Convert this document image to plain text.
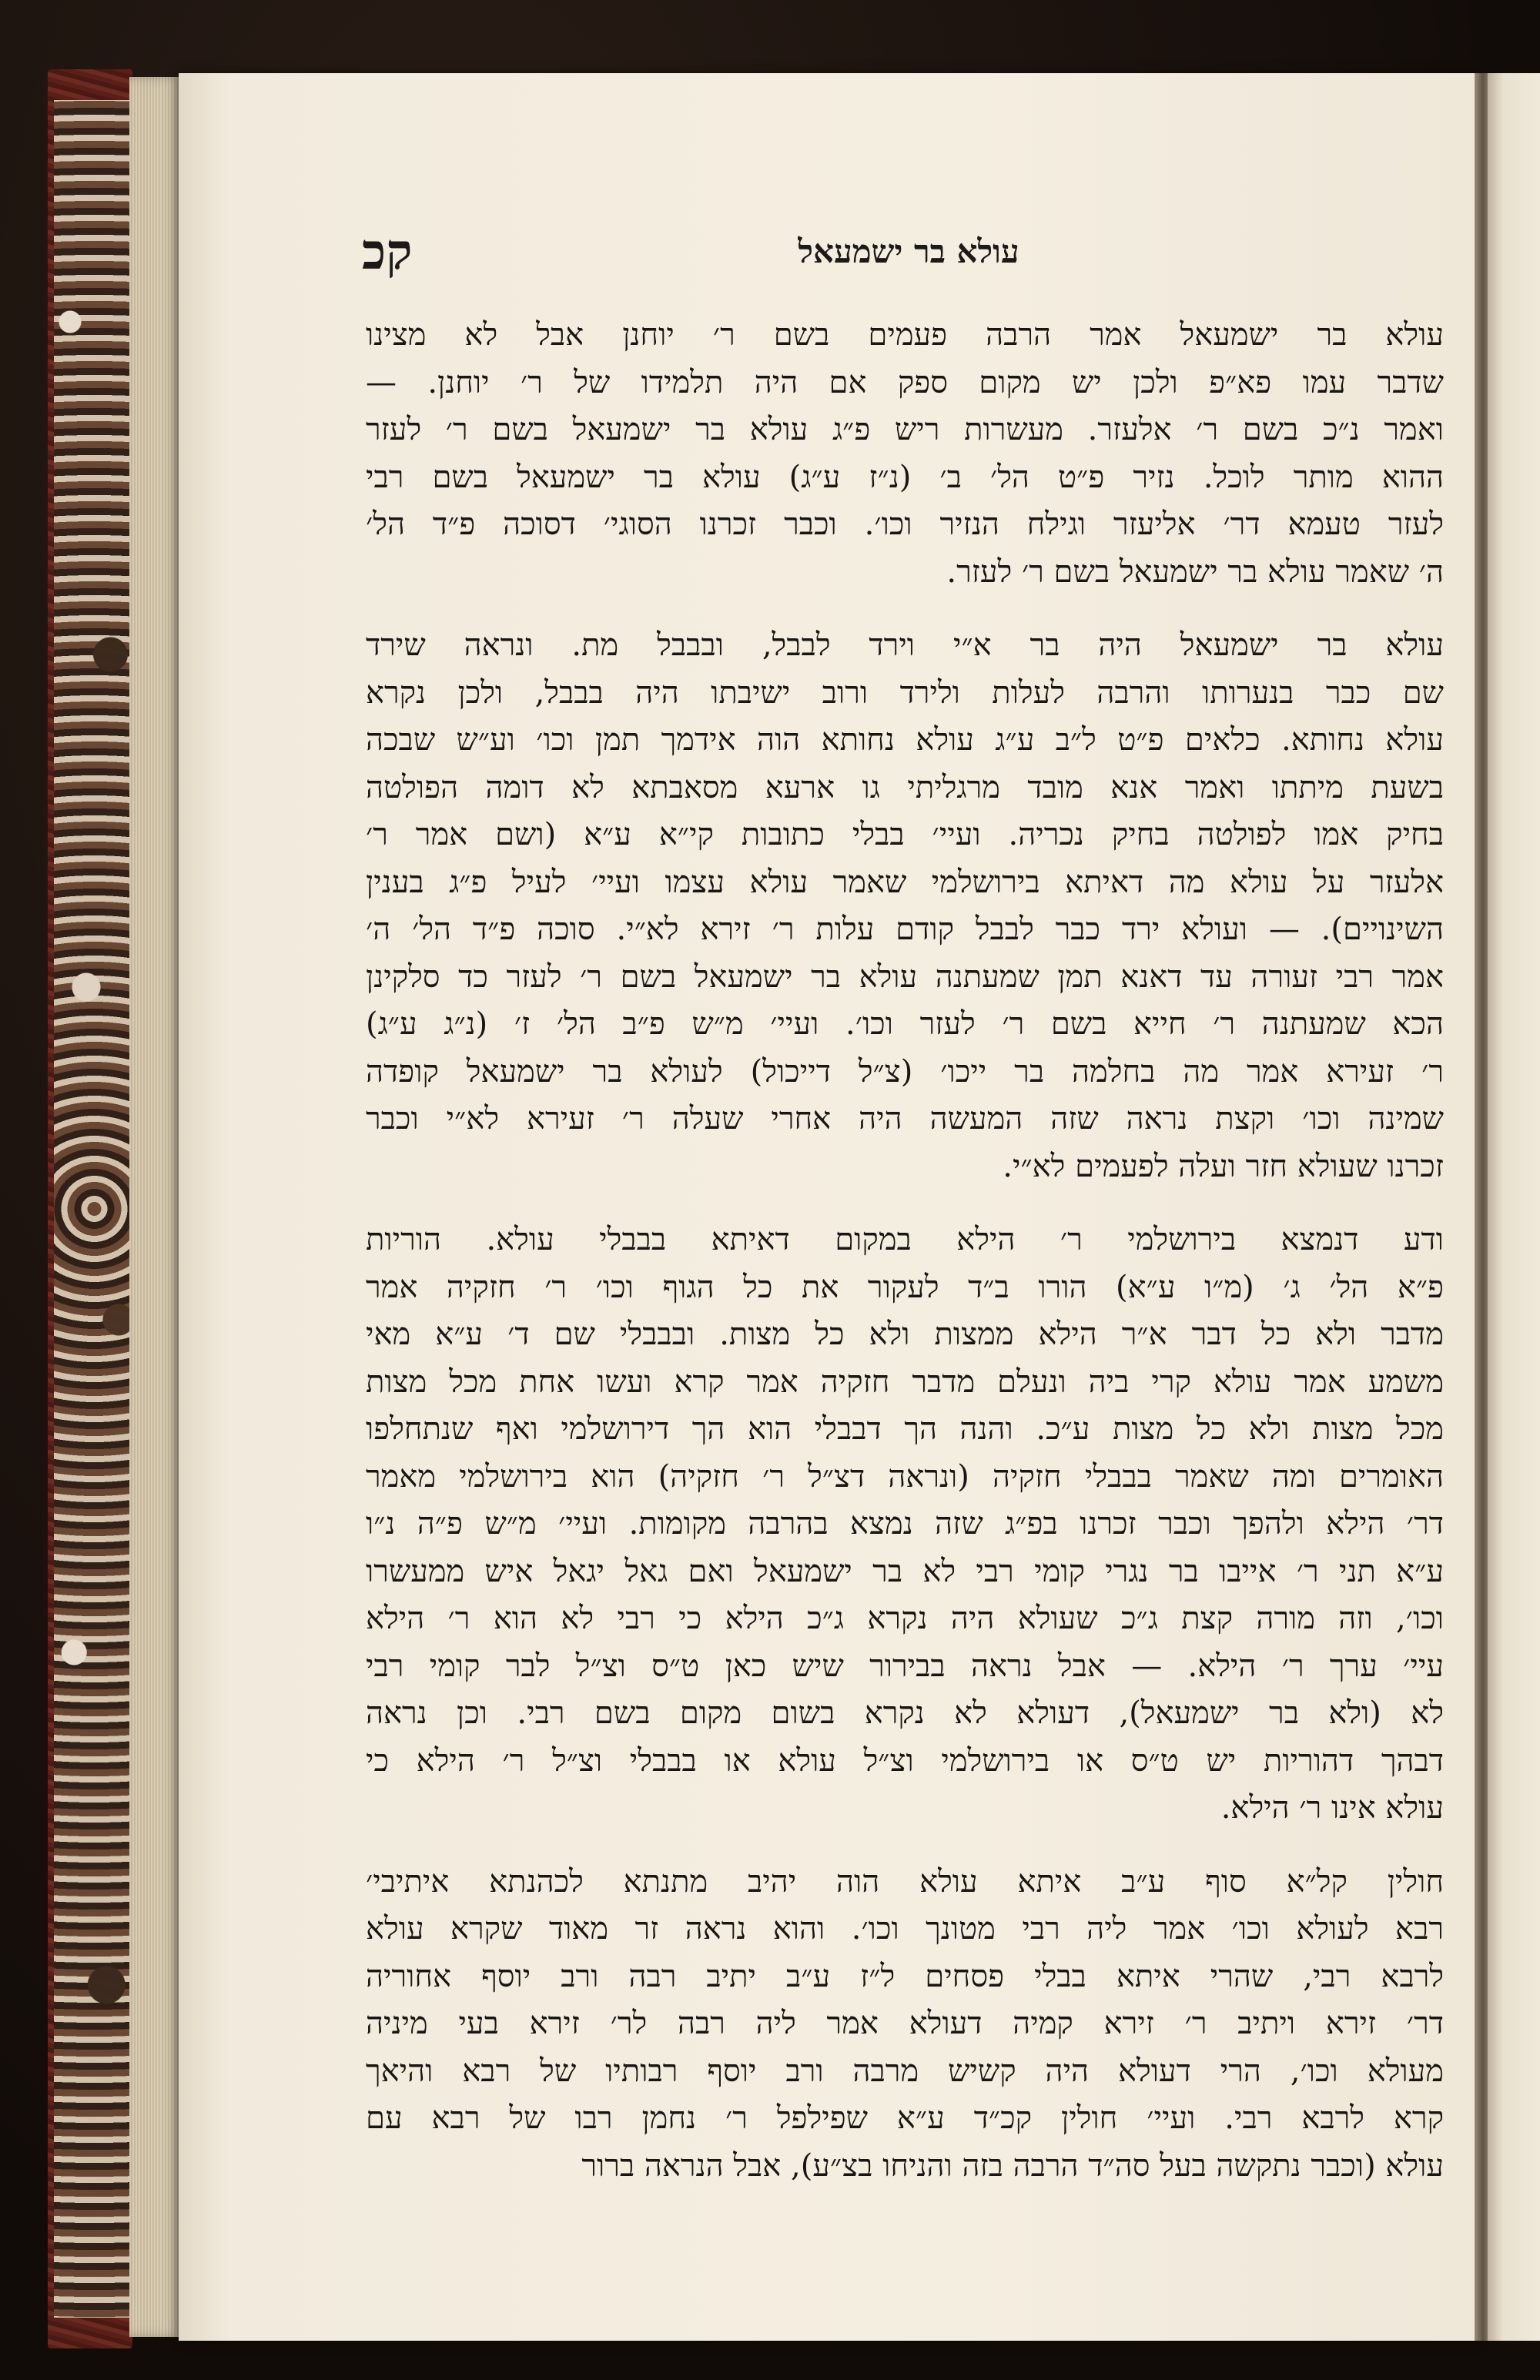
קכ	עולא בר ישמעאל

עולא בר ישמעאל אמר הרבה פעמים בשם ר׳ יוחנן אבל לא מצינו
שדבר עמו פא״פ ולכן יש מקום ספק אם היה תלמידו של ר׳ יוחנן. —
ואמר נ״כ בשם ר׳ אלעזר. מעשרות ריש פ״ג עולא בר ישמעאל בשם ר׳ לעזר
ההוא מותר לוכל. נזיר פ״ט הל׳ ב׳ (נ״ז ע״ג) עולא בר ישמעאל בשם רבי
לעזר טעמא דר׳ אליעזר וגילח הנזיר וכו׳. וכבר זכרנו הסוגי׳ דסוכה פ״ד הל׳
ה׳ שאמר עולא בר ישמעאל בשם ר׳ לעזר.

עולא בר ישמעאל היה בר א״י וירד לבבל, ובבבל מת. ונראה שירד
שם כבר בנערותו והרבה לעלות ולירד ורוב ישיבתו היה בבבל, ולכן נקרא
עולא נחותא. כלאים פ״ט ל״ב ע״ג עולא נחותא הוה אידמך תמן וכו׳ וע״ש שבכה
בשעת מיתתו ואמר אנא מובד מרגליתי גו ארעא מסאבתא לא דומה הפולטה
בחיק אמו לפולטה בחיק נכריה. ועיי׳ בבלי כתובות קי״א ע״א (ושם אמר ר׳
אלעזר על עולא מה דאיתא בירושלמי שאמר עולא עצמו ועיי׳ לעיל פ״ג בענין
השינויים). — ועולא ירד כבר לבבל קודם עלות ר׳ זירא לא״י. סוכה פ״ד הל׳ ה׳
אמר רבי זעורה עד דאנא תמן שמעתנה עולא בר ישמעאל בשם ר׳ לעזר כד סלקינן
הכא שמעתנה ר׳ חייא בשם ר׳ לעזר וכו׳. ועיי׳ מ״ש פ״ב הל׳ ז׳ (נ״ג ע״ג)
ר׳ זעירא אמר מה בחלמה בר ייכו׳ (צ״ל דייכול) לעולא בר ישמעאל קופדה
שמינה וכו׳ וקצת נראה שזה המעשה היה אחרי שעלה ר׳ זעירא לא״י וכבר
זכרנו שעולא חזר ועלה לפעמים לא״י.

ודע דנמצא בירושלמי ר׳ הילא במקום דאיתא בבבלי עולא. הוריות
פ״א הל׳ ג׳ (מ״ו ע״א) הורו ב״ד לעקור את כל הגוף וכו׳ ר׳ חזקיה אמר
מדבר ולא כל דבר א״ר הילא ממצות ולא כל מצות. ובבבלי שם ד׳ ע״א מאי
משמע אמר עולא קרי ביה ונעלם מדבר חזקיה אמר קרא ועשו אחת מכל מצות
מכל מצות ולא כל מצות ע״כ. והנה הך דבבלי הוא הך דירושלמי ואף שנתחלפו
האומרים ומה שאמר בבבלי חזקיה (ונראה דצ״ל ר׳ חזקיה) הוא בירושלמי מאמר
דר׳ הילא ולהפך וכבר זכרנו בפ״ג שזה נמצא בהרבה מקומות. ועיי׳ מ״ש פ״ה נ״ו
ע״א תני ר׳ אייבו בר נגרי קומי רבי לא בר ישמעאל ואם גאל יגאל איש ממעשרו
וכו׳, וזה מורה קצת ג״כ שעולא היה נקרא ג״כ הילא כי רבי לא הוא ר׳ הילא
עיי׳ ערך ר׳ הילא. — אבל נראה בבירור שיש כאן ט״ס וצ״ל לבר קומי רבי
לא (ולא בר ישמעאל), דעולא לא נקרא בשום מקום בשם רבי. וכן נראה
דבהך דהוריות יש ט״ס או בירושלמי וצ״ל עולא או בבבלי וצ״ל ר׳ הילא כי
עולא אינו ר׳ הילא.

חולין קל״א סוף ע״ב איתא עולא הוה יהיב מתנתא לכהנתא איתיבי׳
רבא לעולא וכו׳ אמר ליה רבי מטונך וכו׳. והוא נראה זר מאוד שקרא עולא
לרבא רבי, שהרי איתא בבלי פסחים ל״ז ע״ב יתיב רבה ורב יוסף אחוריה
דר׳ זירא ויתיב ר׳ זירא קמיה דעולא אמר ליה רבה לר׳ זירא בעי מיניה
מעולא וכו׳, הרי דעולא היה קשיש מרבה ורב יוסף רבותיו של רבא והיאך
קרא לרבא רבי. ועיי׳ חולין קכ״ד ע״א שפילפל ר׳ נחמן רבו של רבא עם
עולא (וכבר נתקשה בעל סה״ד הרבה בזה והניחו בצ״ע), אבל הנראה ברור
